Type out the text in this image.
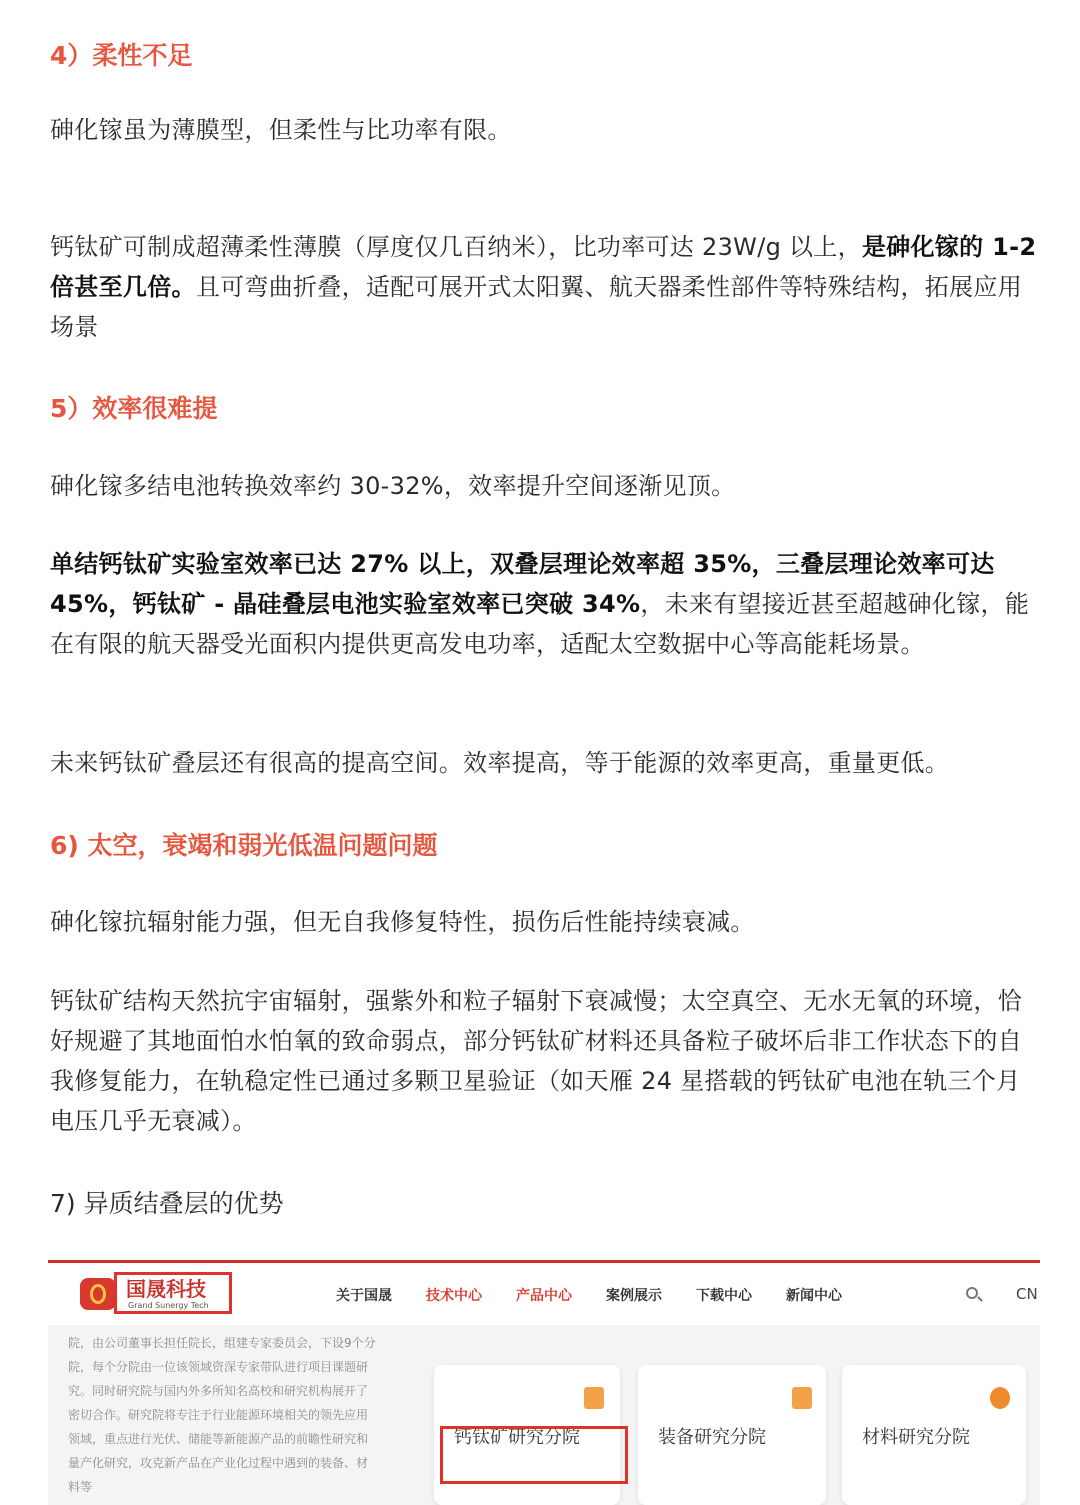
4）柔性不足
砷化镓虽为薄膜型，但柔性与比功率有限。
钙钛矿可制成超薄柔性薄膜（厚度仅几百纳米），比功率可达 23W/g 以上，是砷化镓的 1-2 倍甚至几倍。且可弯曲折叠，适配可展开式太阳翼、航天器柔性部件等特殊结构，拓展应用场景
5）效率很难提
砷化镓多结电池转换效率约 30-32%，效率提升空间逐渐见顶。
单结钙钛矿实验室效率已达 27% 以上，双叠层理论效率超 35%，三叠层理论效率可达 45%，钙钛矿 - 晶硅叠层电池实验室效率已突破 34%，未来有望接近甚至超越砷化镓，能在有限的航天器受光面积内提供更高发电功率，适配太空数据中心等高能耗场景。
未来钙钛矿叠层还有很高的提高空间。效率提高，等于能源的效率更高，重量更低。
6) 太空，衰竭和弱光低温问题问题
砷化镓抗辐射能力强，但无自我修复特性，损伤后性能持续衰减。
钙钛矿结构天然抗宇宙辐射，强紫外和粒子辐射下衰减慢；太空真空、无水无氧的环境，恰好规避了其地面怕水怕氧的致命弱点，部分钙钛矿材料还具备粒子破坏后非工作状态下的自我修复能力，在轨稳定性已通过多颗卫星验证（如天雁 24 星搭载的钙钛矿电池在轨三个月电压几乎无衰减）。
7) 异质结叠层的优势
国晟科技
Grand Sunergy Tech
关于国晟 技术中心 产品中心 案例展示 下载中心 新闻中心	CN
院，由公司董事长担任院长，组建专家委员会，下设9个分院，每个分院由一位该领域资深专家带队进行项目课题研究。同时研究院与国内外多所知名高校和研究机构展开了密切合作。研究院将专注于行业能源环境相关的领先应用领域，重点进行光伏、储能等新能源产品的前瞻性研究和量产化研究，攻克新产品在产业化过程中遇到的装备、材料等
钙钛矿研究分院	装备研究分院	材料研究分院
